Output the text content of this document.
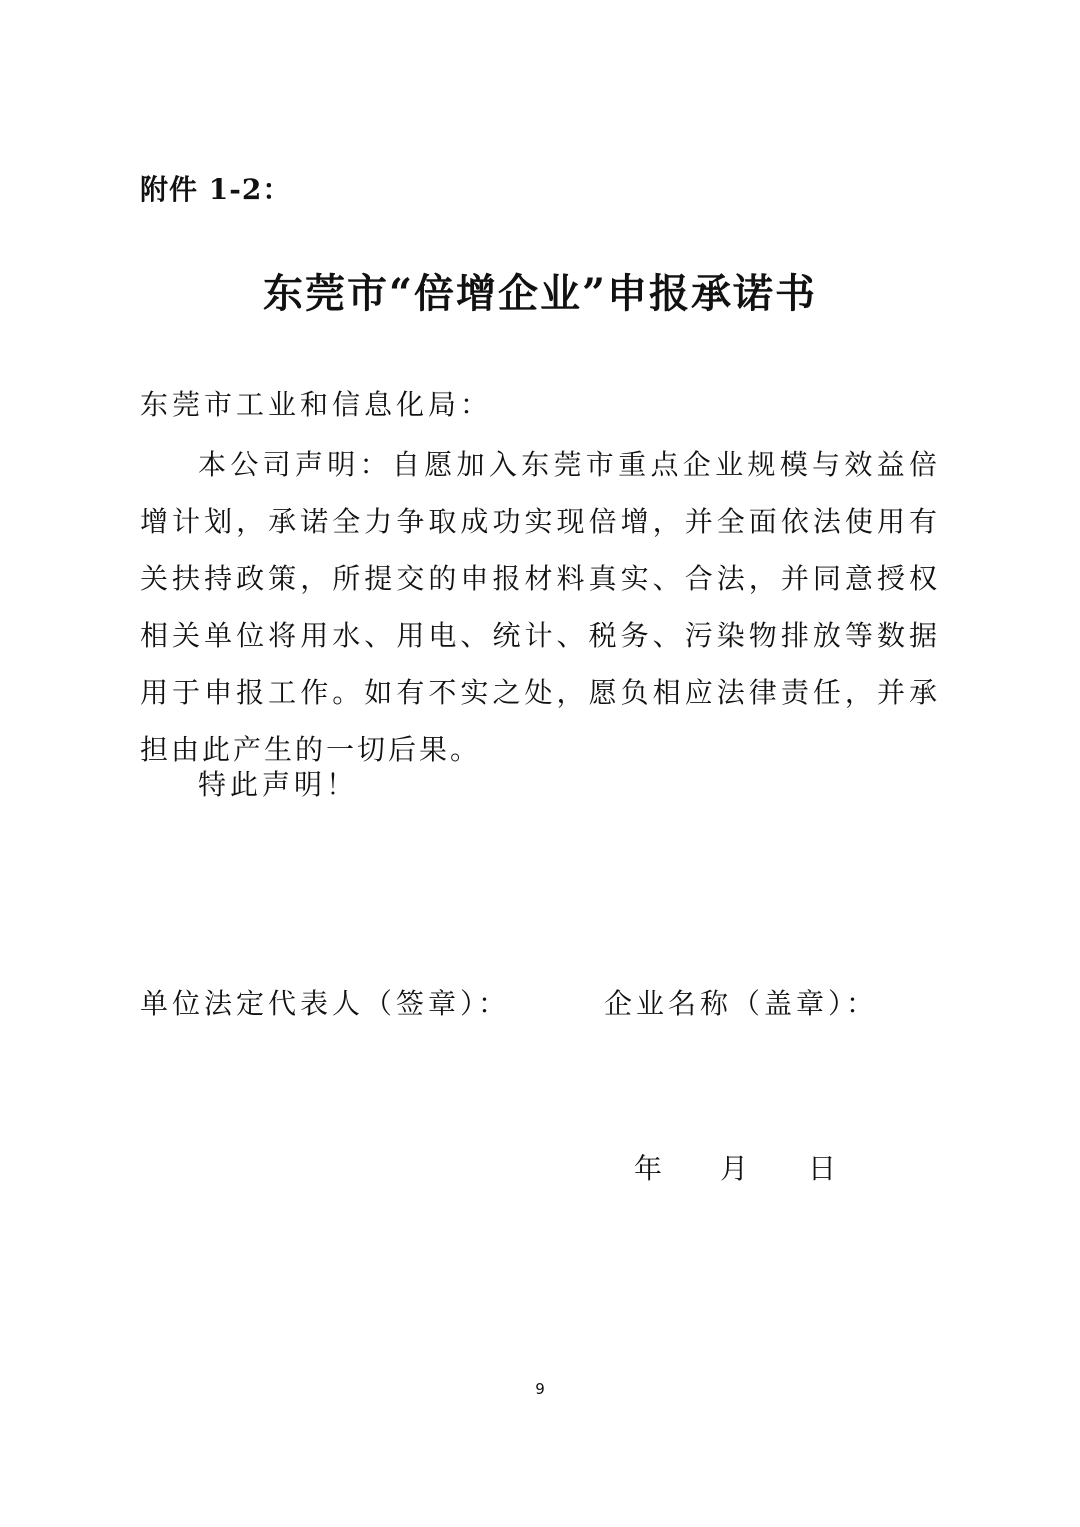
附件 1-2：
东莞市“倍增企业”申报承诺书
东莞市工业和信息化局：
本公司声明：自愿加入东莞市重点企业规模与效益倍增计划，承诺全力争取成功实现倍增，并全面依法使用有关扶持政策，所提交的申报材料真实、合法，并同意授权相关单位将用水、用电、统计、税务、污染物排放等数据用于申报工作。如有不实之处，愿负相应法律责任，并承担由此产生的一切后果。
特此声明！
单位法定代表人（签章）：	企业名称（盖章）：
年 月 日
9
